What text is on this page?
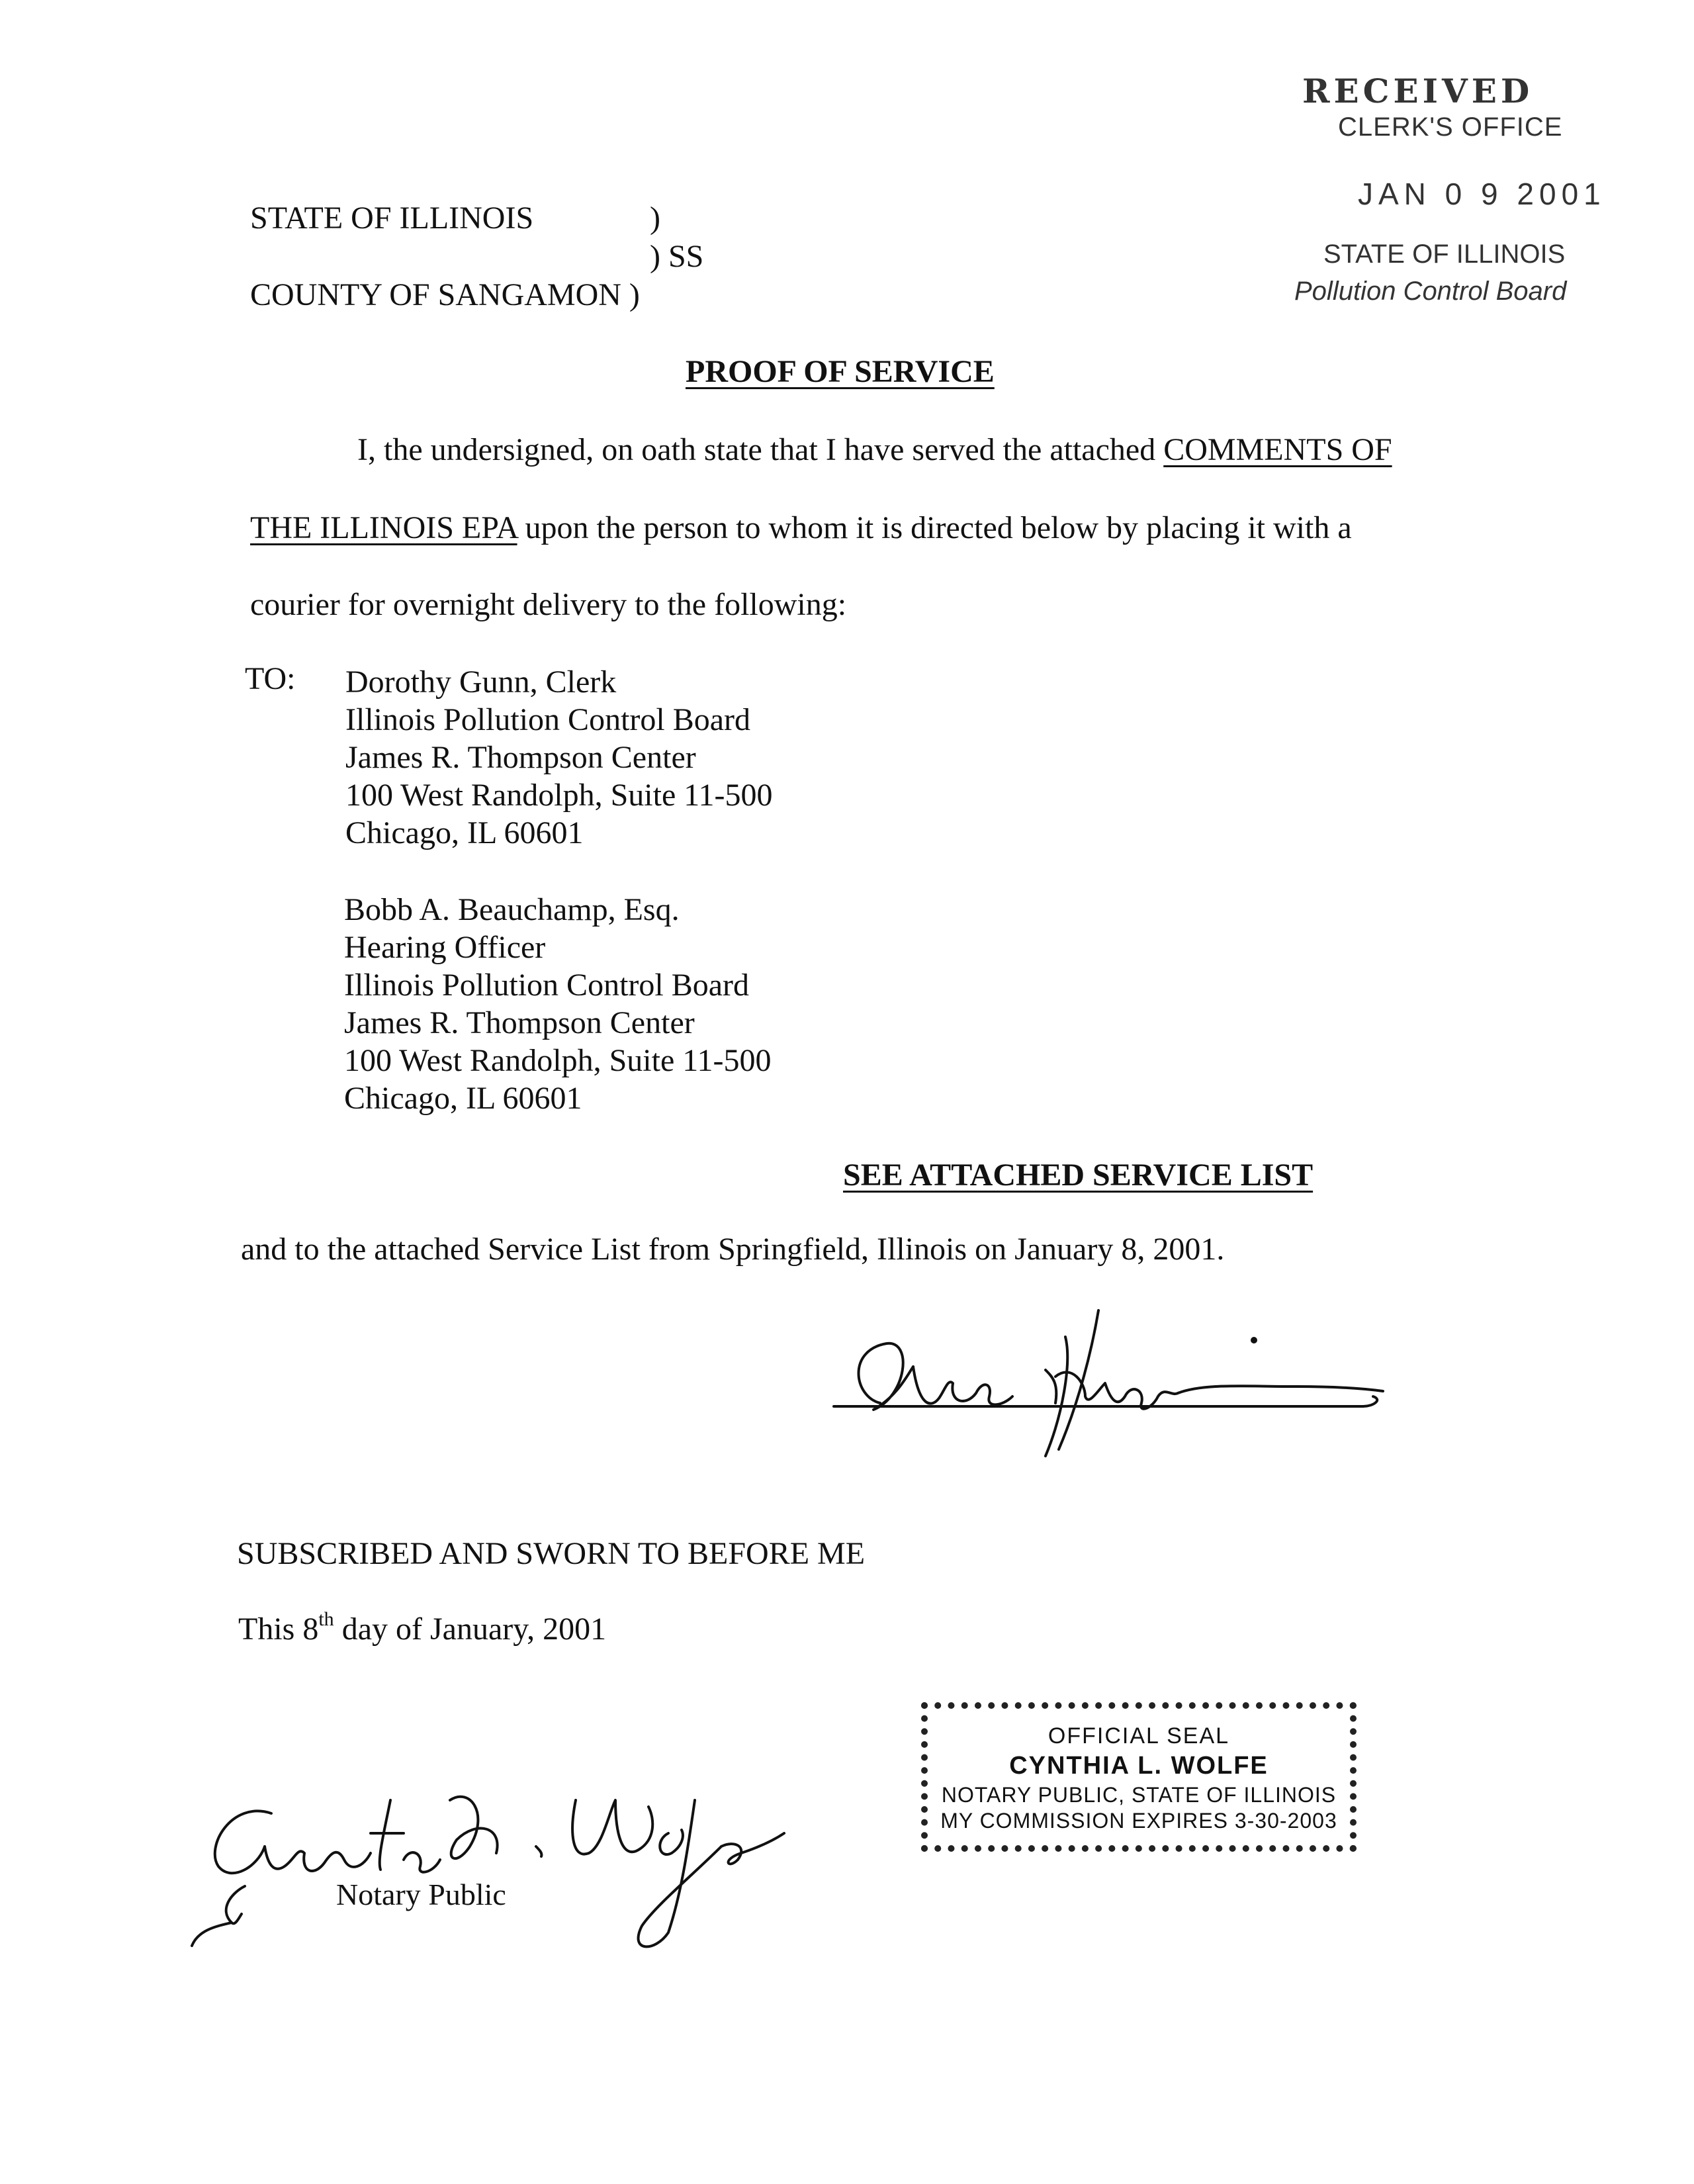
RECEIVED
CLERK'S OFFICE
JAN 0 9 2001
STATE OF ILLINOIS
Pollution Control Board
STATE OF ILLINOIS	)
) SS
COUNTY OF SANGAMON )
PROOF OF SERVICE
I, the undersigned, on oath state that I have served the attached COMMENTS OF
THE ILLINOIS EPA upon the person to whom it is directed below by placing it with a
courier for overnight delivery to the following:
TO: Dorothy Gunn, Clerk
Illinois Pollution Control Board
James R. Thompson Center
100 West Randolph, Suite 11-500
Chicago, IL 60601
Bobb A. Beauchamp, Esq.
Hearing Officer
Illinois Pollution Control Board
James R. Thompson Center
100 West Randolph, Suite 11-500
Chicago, IL 60601
SEE ATTACHED SERVICE LIST
and to the attached Service List from Springfield, Illinois on January 8, 2001.
SUBSCRIBED AND SWORN TO BEFORE ME
This 8th day of January, 2001
OFFICIAL SEAL
CYNTHIA L. WOLFE
NOTARY PUBLIC, STATE OF ILLINOIS
MY COMMISSION EXPIRES 3-30-2003
Notary Public
